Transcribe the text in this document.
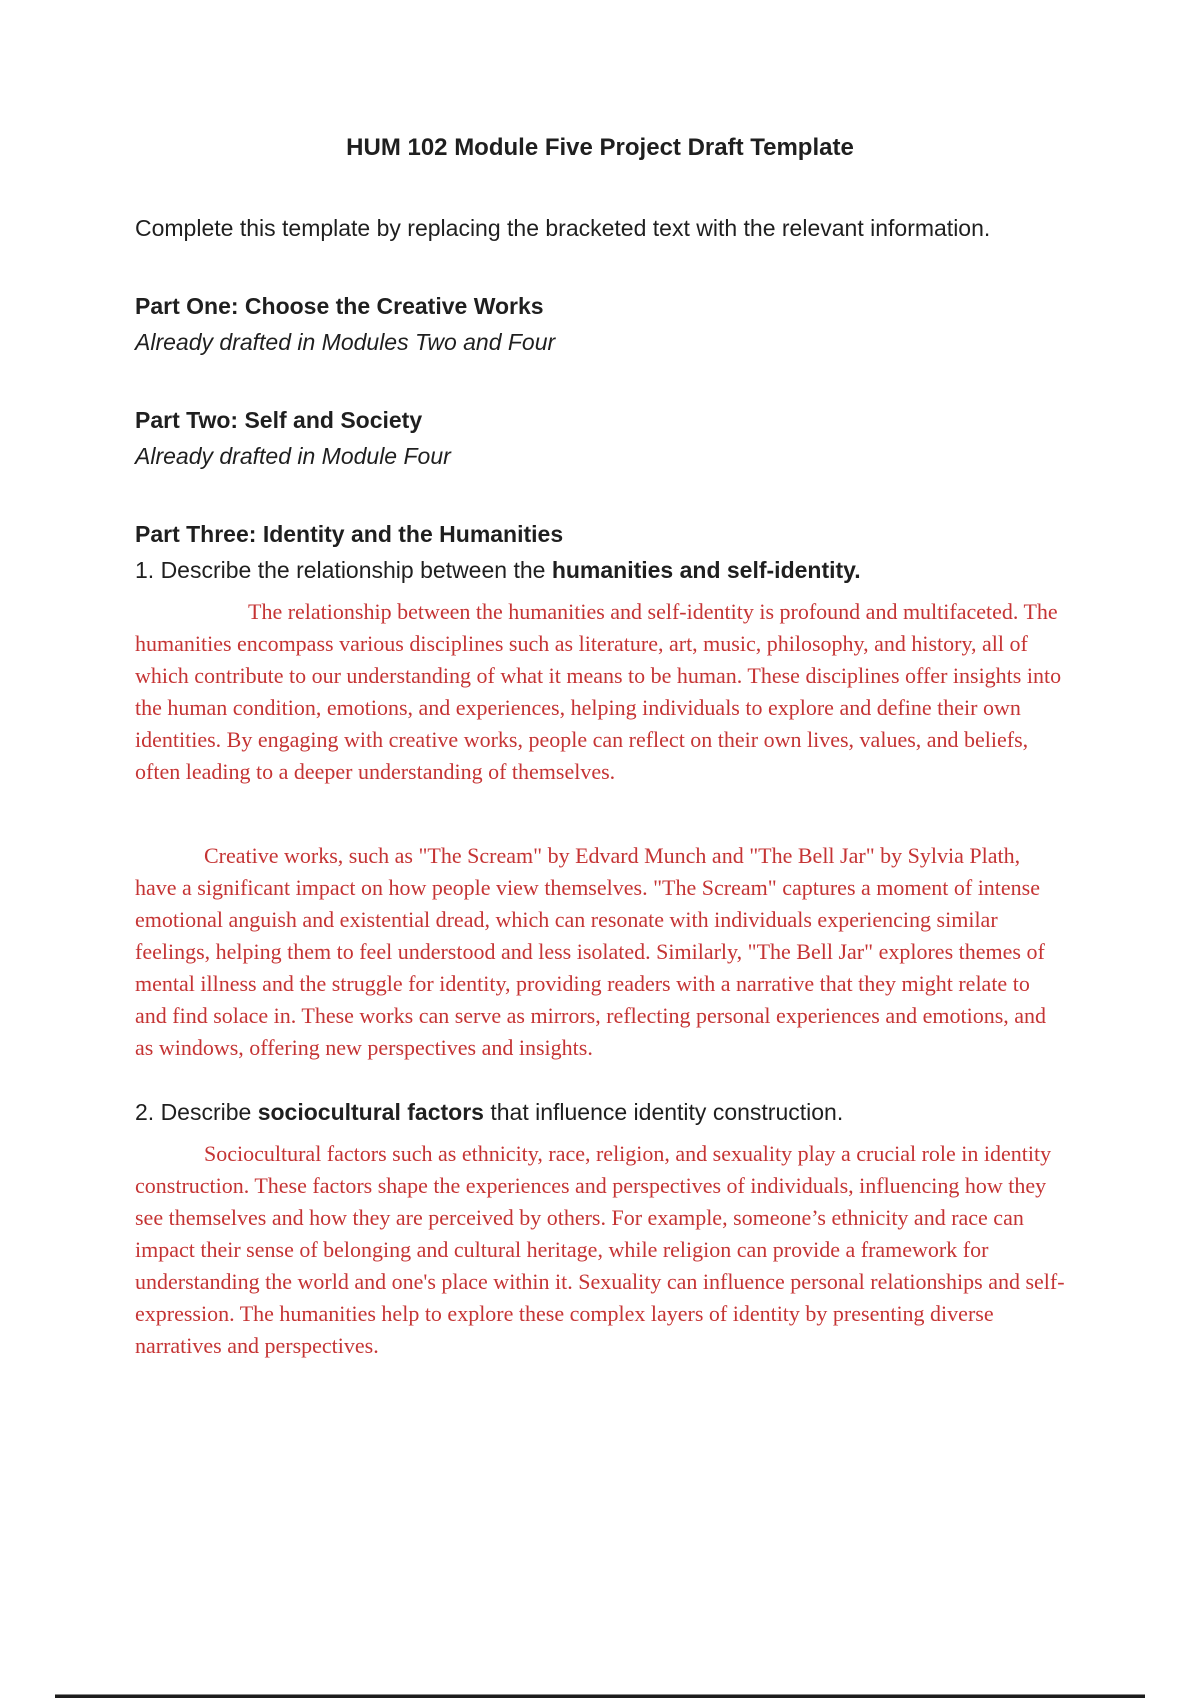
HUM 102 Module Five Project Draft Template

Complete this template by replacing the bracketed text with the relevant information.

Part One: Choose the Creative Works

Already drafted in Modules Two and Four

Part Two: Self and Society

Already drafted in Module Four

Part Three: Identity and the Humanities

1. Describe the relationship between the humanities and self-identity.

The relationship between the humanities and self-identity is profound and multifaceted. The humanities encompass various disciplines such as literature, art, music, philosophy, and history, all of which contribute to our understanding of what it means to be human. These disciplines offer insights into the human condition, emotions, and experiences, helping individuals to explore and define their own identities. By engaging with creative works, people can reflect on their own lives, values, and beliefs, often leading to a deeper understanding of themselves.

Creative works, such as "The Scream" by Edvard Munch and "The Bell Jar" by Sylvia Plath, have a significant impact on how people view themselves. "The Scream" captures a moment of intense emotional anguish and existential dread, which can resonate with individuals experiencing similar feelings, helping them to feel understood and less isolated. Similarly, "The Bell Jar" explores themes of mental illness and the struggle for identity, providing readers with a narrative that they might relate to and find solace in. These works can serve as mirrors, reflecting personal experiences and emotions, and as windows, offering new perspectives and insights.

2. Describe sociocultural factors that influence identity construction.

Sociocultural factors such as ethnicity, race, religion, and sexuality play a crucial role in identity construction. These factors shape the experiences and perspectives of individuals, influencing how they see themselves and how they are perceived by others. For example, someone’s ethnicity and race can impact their sense of belonging and cultural heritage, while religion can provide a framework for understanding the world and one's place within it. Sexuality can influence personal relationships and self-expression. The humanities help to explore these complex layers of identity by presenting diverse narratives and perspectives.
